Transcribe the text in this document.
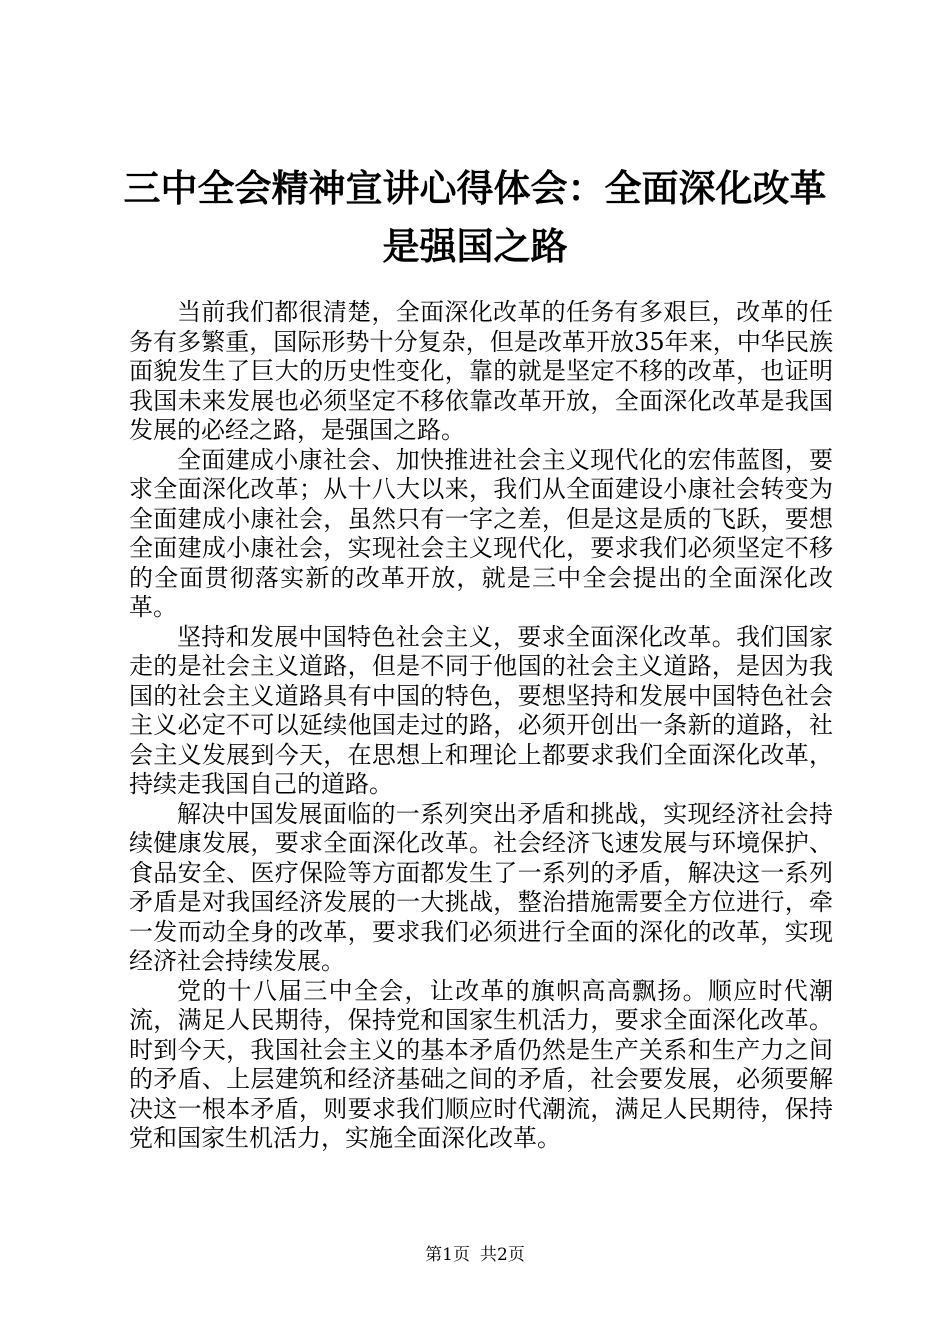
三中全会精神宣讲心得体会：全面深化改革是强国之路

当前我们都很清楚，全面深化改革的任务有多艰巨，改革的任务有多繁重，国际形势十分复杂，但是改革开放35年来，中华民族面貌发生了巨大的历史性变化，靠的就是坚定不移的改革，也证明我国未来发展也必须坚定不移依靠改革开放，全面深化改革是我国发展的必经之路，是强国之路。

全面建成小康社会、加快推进社会主义现代化的宏伟蓝图，要求全面深化改革；从十八大以来，我们从全面建设小康社会转变为全面建成小康社会，虽然只有一字之差，但是这是质的飞跃，要想全面建成小康社会，实现社会主义现代化，要求我们必须坚定不移的全面贯彻落实新的改革开放，就是三中全会提出的全面深化改革。

坚持和发展中国特色社会主义，要求全面深化改革。我们国家走的是社会主义道路，但是不同于他国的社会主义道路，是因为我国的社会主义道路具有中国的特色，要想坚持和发展中国特色社会主义必定不可以延续他国走过的路，必须开创出一条新的道路，社会主义发展到今天，在思想上和理论上都要求我们全面深化改革，持续走我国自己的道路。

解决中国发展面临的一系列突出矛盾和挑战，实现经济社会持续健康发展，要求全面深化改革。社会经济飞速发展与环境保护、食品安全、医疗保险等方面都发生了一系列的矛盾，解决这一系列矛盾是对我国经济发展的一大挑战，整治措施需要全方位进行，牵一发而动全身的改革，要求我们必须进行全面的深化的改革，实现经济社会持续发展。

党的十八届三中全会，让改革的旗帜高高飘扬。顺应时代潮流，满足人民期待，保持党和国家生机活力，要求全面深化改革。时到今天，我国社会主义的基本矛盾仍然是生产关系和生产力之间的矛盾、上层建筑和经济基础之间的矛盾，社会要发展，必须要解决这一根本矛盾，则要求我们顺应时代潮流，满足人民期待，保持党和国家生机活力，实施全面深化改革。

第1页 共2页
